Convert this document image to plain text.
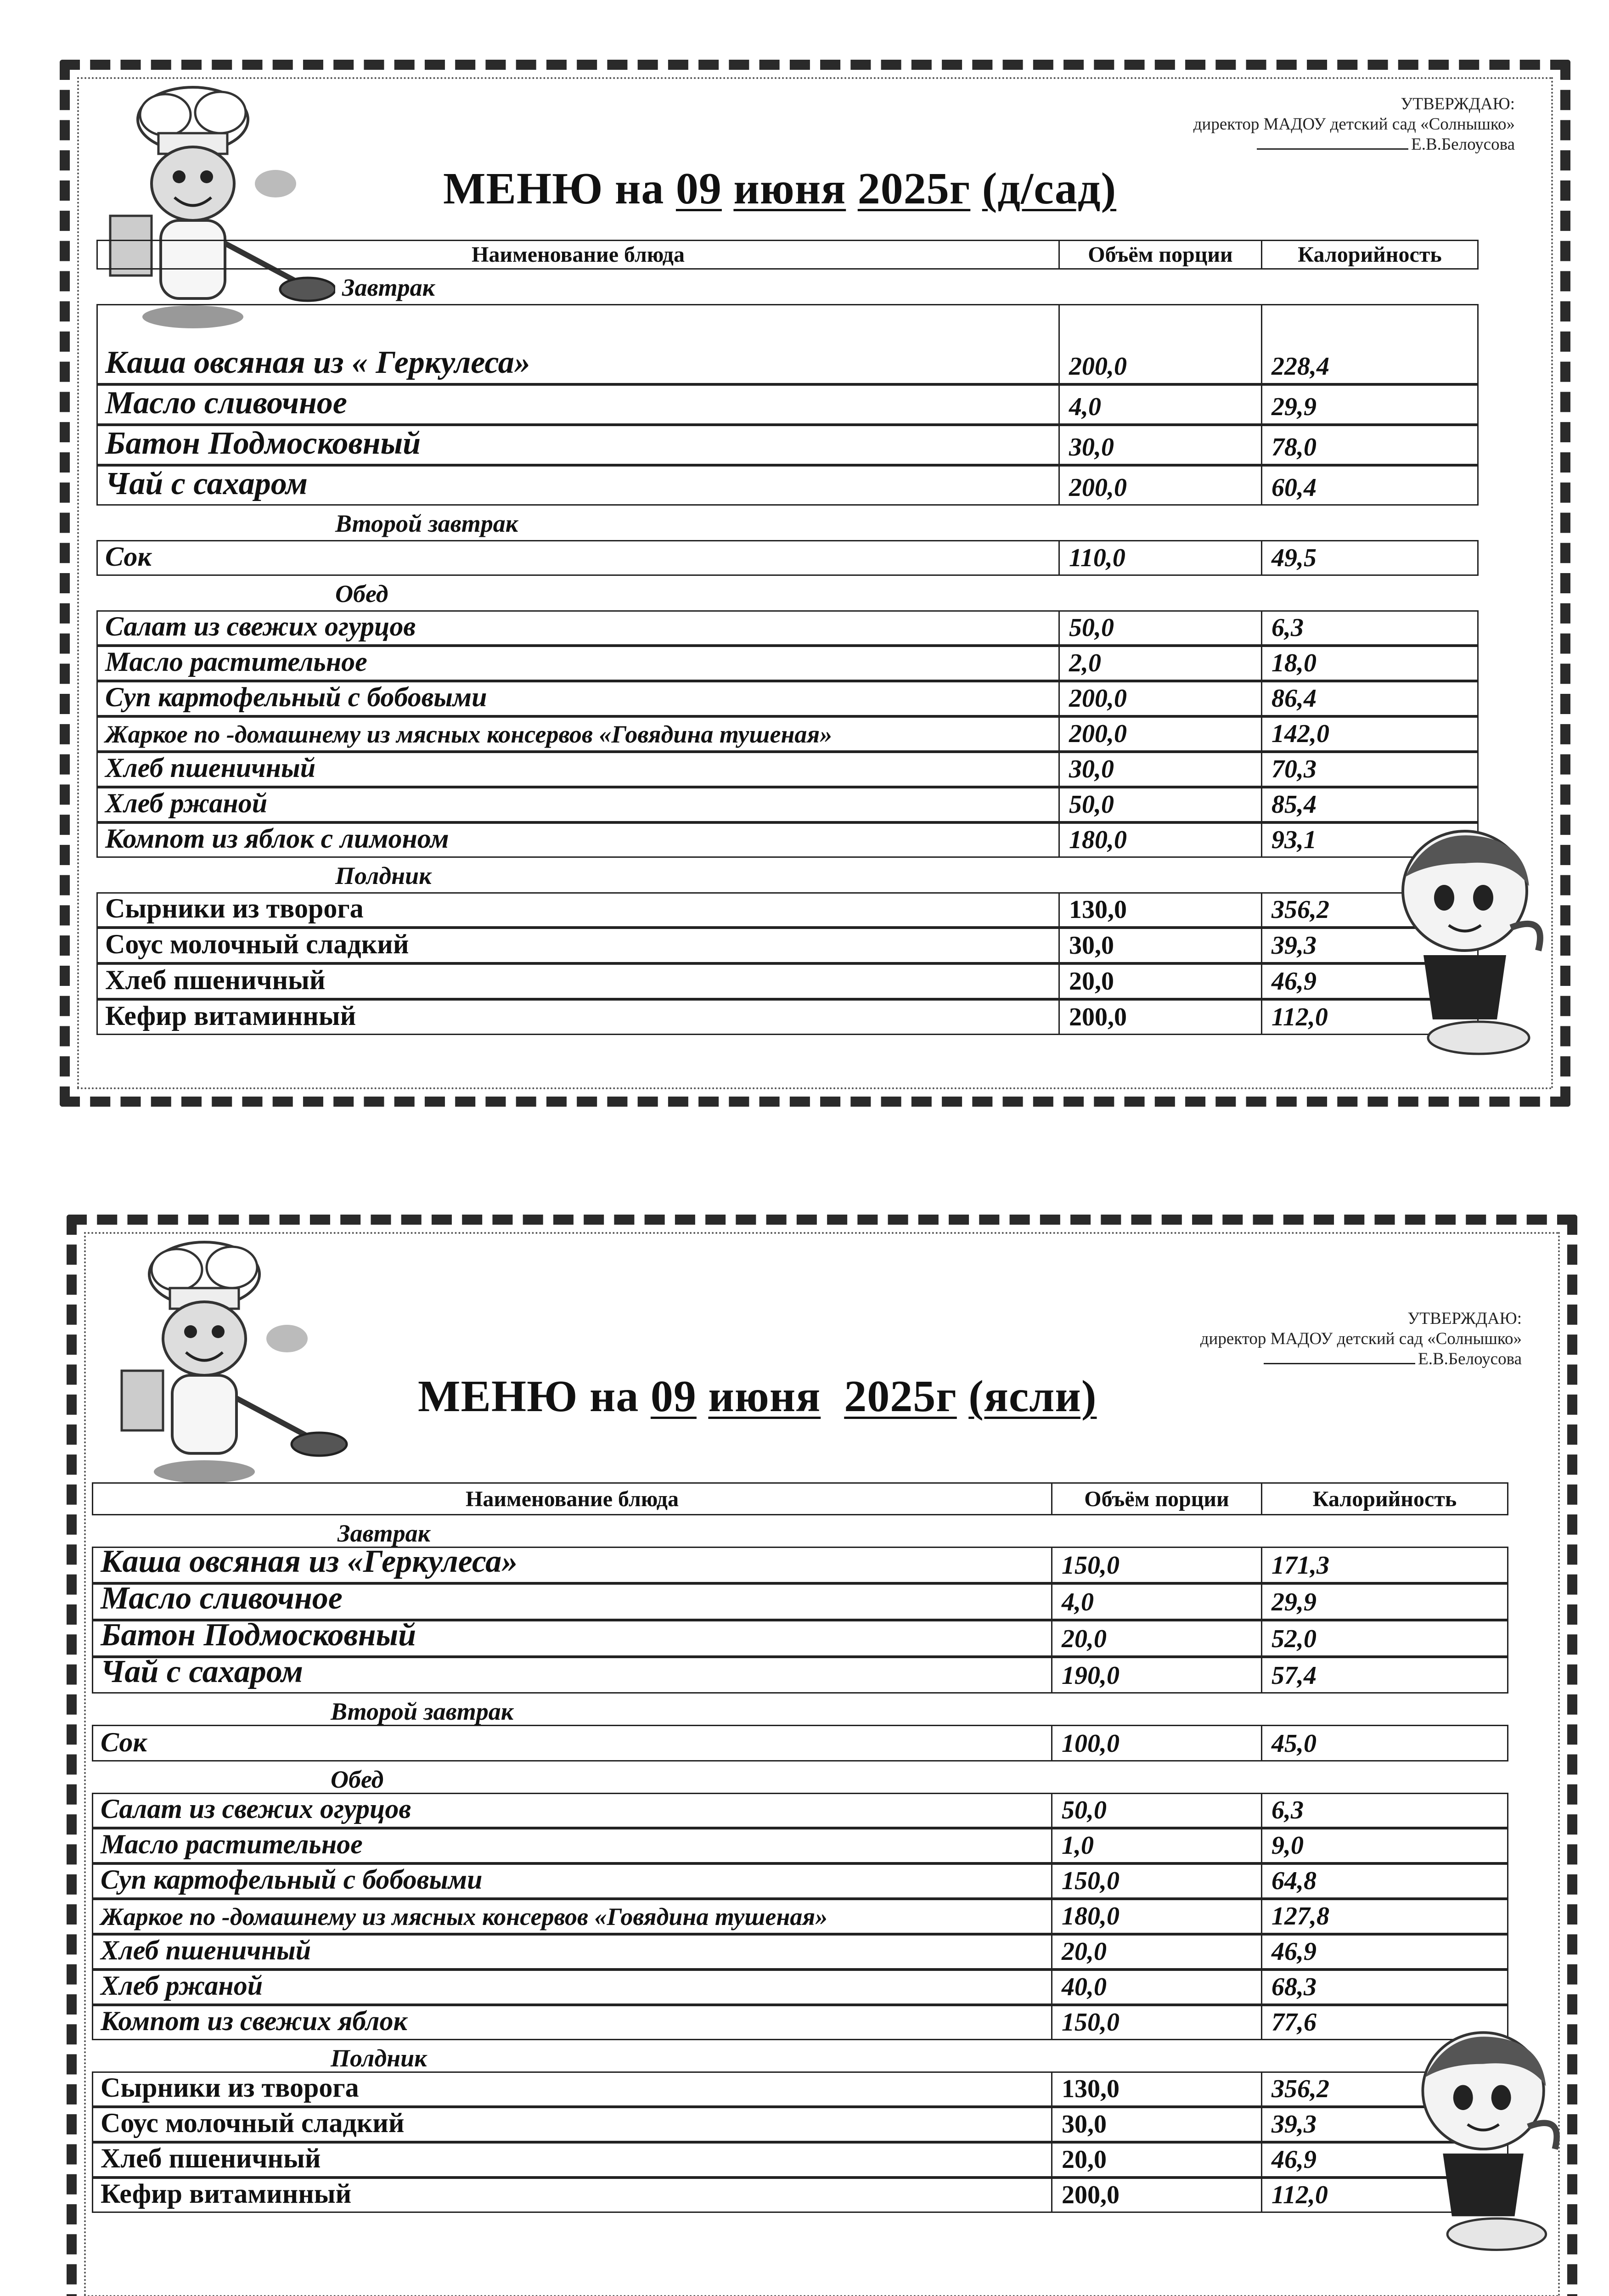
УТВЕРЖДАЮ:
директор МАДОУ детский сад «Солнышко»
Е.В.Белоусова
МЕНЮ на 09 июня 2025г (д/сад)
Наименование блюда	Объём порции	Калорийность
Завтрак
Каша овсяная из « Геркулеса»	200,0	228,4
Масло сливочное	4,0	29,9
Батон Подмосковный	30,0	78,0
Чай с сахаром	200,0	60,4
Второй завтрак
Сок	110,0	49,5
Обед
Салат из свежих огурцов	50,0	6,3
Масло растительное	2,0	18,0
Суп картофельный с бобовыми	200,0	86,4
Жаркое по -домашнему из мясных консервов «Говядина тушеная»	200,0	142,0
Хлеб пшеничный	30,0	70,3
Хлеб ржаной	50,0	85,4
Компот из яблок с лимоном	180,0	93,1
Полдник
Сырники из творога	130,0	356,2
Соус молочный сладкий	30,0	39,3
Хлеб пшеничный	20,0	46,9
Кефир витаминный	200,0	112,0
УТВЕРЖДАЮ:
директор МАДОУ детский сад «Солнышко»
Е.В.Белоусова
МЕНЮ на 09 июня 2025г (ясли)
Наименование блюда	Объём порции	Калорийность
Завтрак
Каша овсяная из «Геркулеса»	150,0	171,3
Масло сливочное	4,0	29,9
Батон Подмосковный	20,0	52,0
Чай с сахаром	190,0	57,4
Второй завтрак
Сок	100,0	45,0
Обед
Салат из свежих огурцов	50,0	6,3
Масло растительное	1,0	9,0
Суп картофельный с бобовыми	150,0	64,8
Жаркое по -домашнему из мясных консервов «Говядина тушеная»	180,0	127,8
Хлеб пшеничный	20,0	46,9
Хлеб ржаной	40,0	68,3
Компот из свежих яблок	150,0	77,6
Полдник
Сырники из творога	130,0	356,2
Соус молочный сладкий	30,0	39,3
Хлеб пшеничный	20,0	46,9
Кефир витаминный	200,0	112,0
